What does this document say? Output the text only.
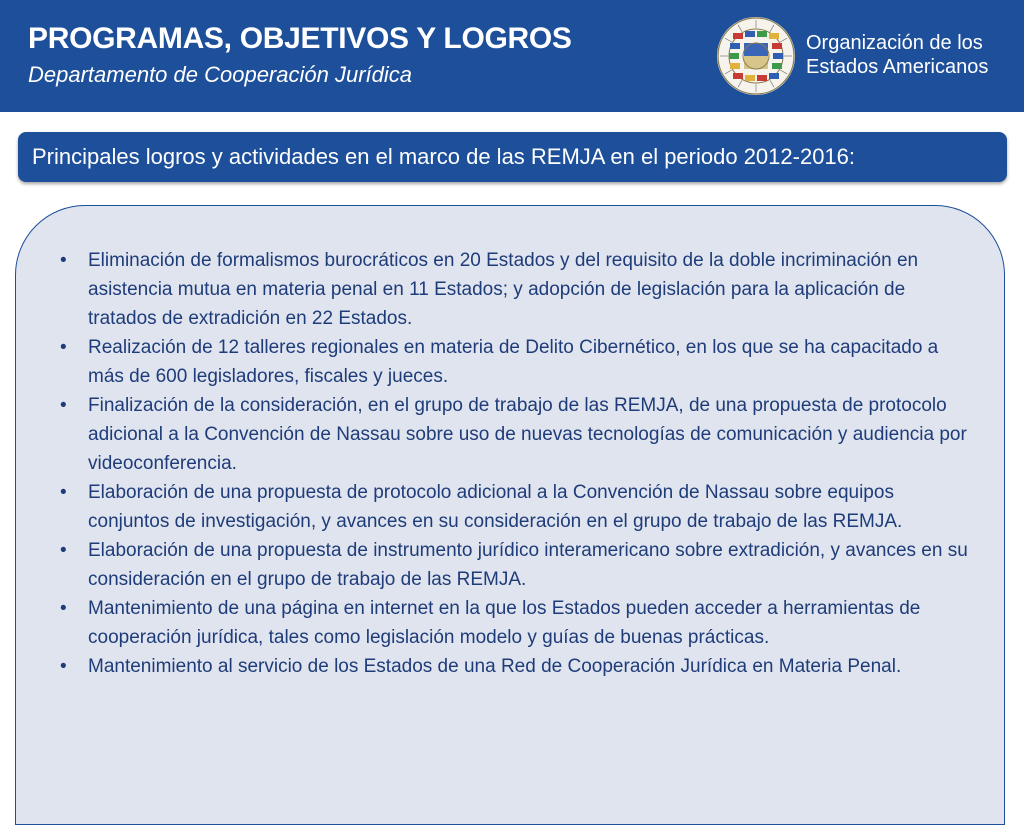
PROGRAMAS, OBJETIVOS Y LOGROS
Departamento de Cooperación Jurídica
Organización de los
Estados Americanos
Principales logros y actividades en el marco de las REMJA en el periodo 2012-2016:
• Eliminación de formalismos burocráticos en 20 Estados y del requisito de la doble incriminación en asistencia mutua en materia penal en 11 Estados; y adopción de legislación para la aplicación de tratados de extradición en 22 Estados.
• Realización de 12 talleres regionales en materia de Delito Cibernético, en los que se ha capacitado a más de 600 legisladores, fiscales y jueces.
• Finalización de la consideración, en el grupo de trabajo de las REMJA, de una propuesta de protocolo adicional a la Convención de Nassau sobre uso de nuevas tecnologías de comunicación y audiencia por videoconferencia.
• Elaboración de una propuesta de protocolo adicional a la Convención de Nassau sobre equipos conjuntos de investigación, y avances en su consideración en el grupo de trabajo de las REMJA.
• Elaboración de una propuesta de instrumento jurídico interamericano sobre extradición, y avances en su consideración en el grupo de trabajo de las REMJA.
• Mantenimiento de una página en internet en la que los Estados pueden acceder a herramientas de cooperación jurídica, tales como legislación modelo y guías de buenas prácticas.
• Mantenimiento al servicio de los Estados de una Red de Cooperación Jurídica en Materia Penal.
